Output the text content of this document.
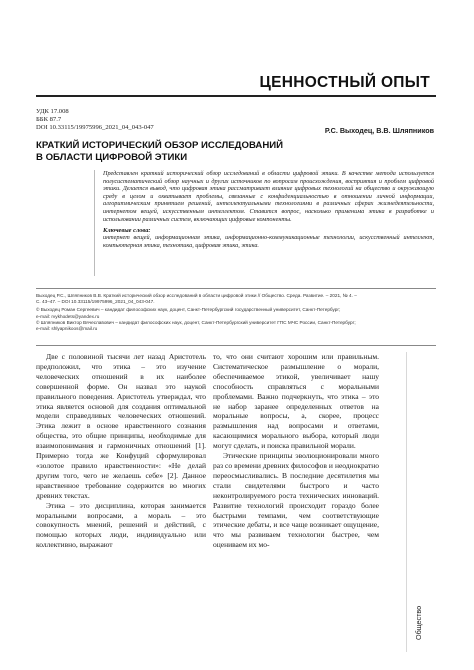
ЦЕННОСТНЫЙ ОПЫТ
УДК 17.008
ББК 87.7
DOI 10.33115/19975996_2021_04_043-047	Р.С. Выходец, В.В. Шляпников
КРАТКИЙ ИСТОРИЧЕСКИЙ ОБЗОР ИССЛЕДОВАНИЙ
В ОБЛАСТИ ЦИФРОВОЙ ЭТИКИ

Представлен краткий исторический обзор исследований в области цифровой этики. В качестве метода используется полусистематический обзор научных и других источников по вопросам происхождения, восприятия и проблем цифровой этики. Делается вывод, что цифровая этика рассматривает влияние цифровых технологий на общество и окружающую среду в целом и охватывает проблемы, связанные с конфиденциальностью в отношении личной информации, алгоритмическим принятием решений, интеллектуальными технологиями в различных сферах жизнедеятельности, интернетом вещей, искусственным интеллектом. Ставится вопрос, насколько применима этика в разработке и использовании различных систем, включающих цифровые компоненты.

Ключевые слова:

интернет вещей, информационная этика, информационно-коммуникационные технологии, искусственный интеллект, компьютерная этика, технотика, цифровая этика, этика.

Выходец Р.С., Шляпников В.В. Краткий исторический обзор исследований в области цифровой этики // Общество. Среда. Развитие. – 2021, № 4. –

С. 43–47. – DOI 10.33115/19975996_2021_04_043-047.

© Выходец Роман Сергеевич – кандидат философских наук, доцент, Санкт-Петербургский государственный университет, Санкт-Петербург;

e-mail: rvykhodets@yandex.ru

© Шляпников Виктор Вячеславович – кандидат философских наук, доцент, Санкт-Петербургский университет ГПС МЧС России, Санкт-Петербург;

e-mail: shlyapnikoos@mail.ru

Две с половиной тысячи лет назад Аристотель предположил, что этика – это изучение человеческих отношений в их наиболее совершенной форме. Он назвал это наукой правильного поведения. Аристотель утверждал, что этика является основой для создания оптимальной модели справедливых человеческих отношений. Этика лежит в основе нравственного сознания общества, это общие принципы, необходимые для взаимопонимания и гармоничных отношений [1]. Примерно тогда же Конфуций сформулировал «золотое правило нравственности»: «Не делай другим того, чего не желаешь себе» [2]. Данное нравственное требование содержится во многих древних текстах.

Этика – это дисциплина, которая занимается моральными вопросами, а мораль – это совокупность мнений, решений и действий, с помощью которых люди, индивидуально или коллективно, выражают

то, что они считают хорошим или правильным. Систематическое размышление о морали, обеспечиваемое этикой, увеличивает нашу способность справляться с моральными проблемами. Важно подчеркнуть, что этика – это не набор заранее определенных ответов на моральные вопросы, а, скорее, процесс размышления над вопросами и ответами, касающимися морального выбора, который люди могут сделать, и поиска правильной морали.

Этические принципы эволюционировали много раз со времени древних философов и неоднократно переосмысливались. В последние десятилетия мы стали свидетелями быстрого и часто неконтролируемого роста технических инноваций. Развитие технологий происходит гораздо более быстрыми темпами, чем соответствующие этические дебаты, и все чаще возникает ощущение, что мы развиваем технологии быстрее, чем оцениваем их мо-

Общество
